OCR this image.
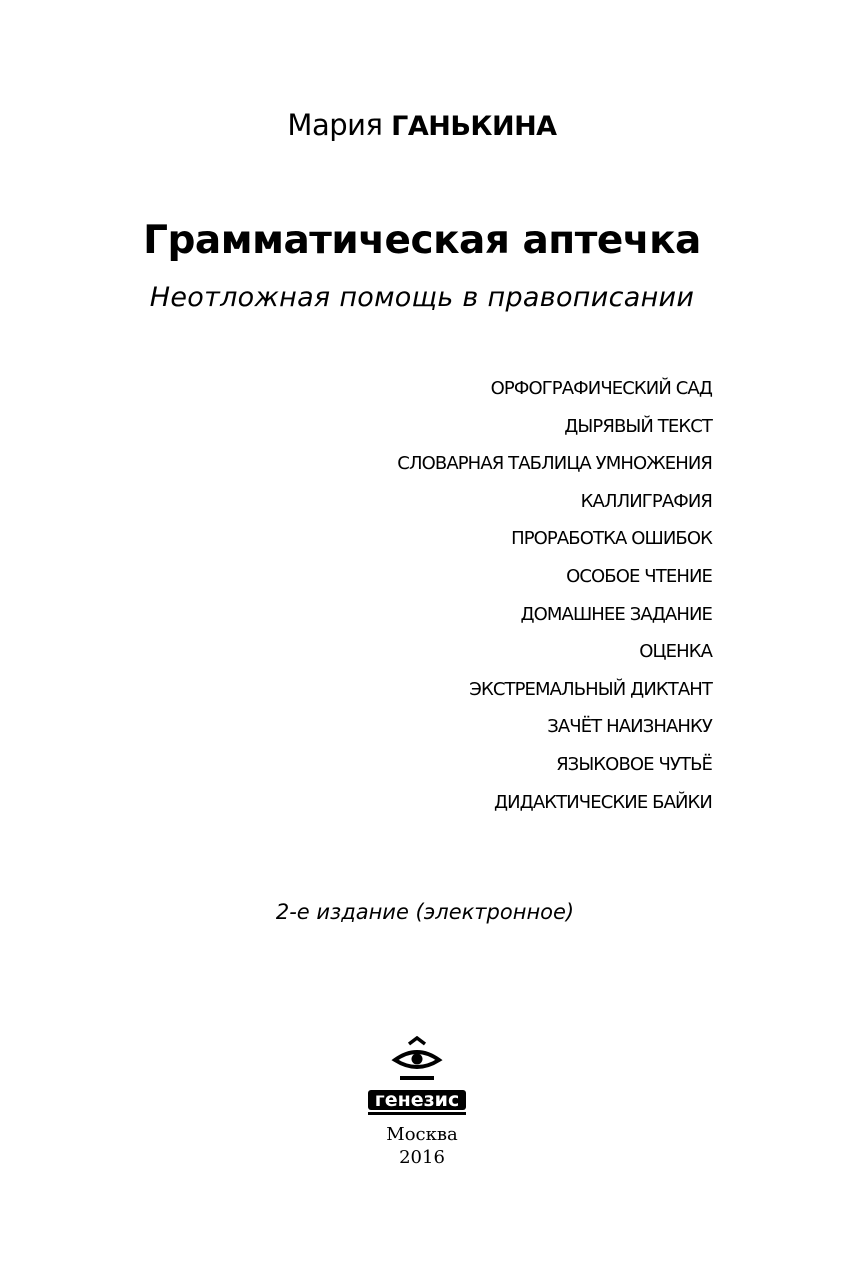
Мария ГАНЬКИНА
Грамматическая аптечка
Неотложная помощь в правописании
ОРФОГРАФИЧЕСКИЙ САД
ДЫРЯВЫЙ ТЕКСТ
СЛОВАРНАЯ ТАБЛИЦА УМНОЖЕНИЯ
КАЛЛИГРАФИЯ
ПРОРАБОТКА ОШИБОК
ОСОБОЕ ЧТЕНИЕ
ДОМАШНЕЕ ЗАДАНИЕ
ОЦЕНКА
ЭКСТРЕМАЛЬНЫЙ ДИКТАНТ
ЗАЧЁТ НАИЗНАНКУ
ЯЗЫКОВОЕ ЧУТЬЁ
ДИДАКТИЧЕСКИЕ БАЙКИ
2-е издание (электронное)
генезис
Москва
2016
